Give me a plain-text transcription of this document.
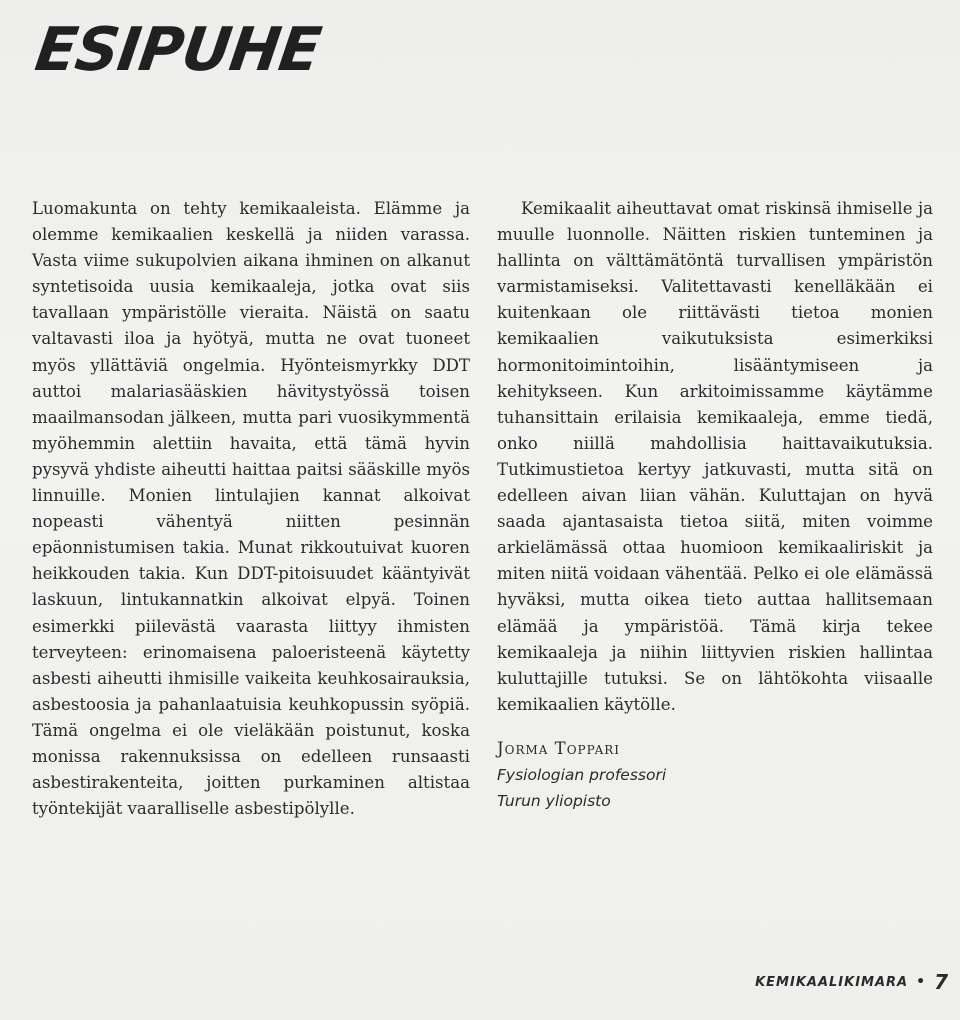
ESIPUHE

Luomakunta on tehty kemikaaleista. Elämme ja olemme kemikaalien keskellä ja niiden varassa. Vasta viime sukupolvien aikana ihminen on alkanut syntetisoida uusia kemikaaleja, jotka ovat siis tavallaan ympäristölle vieraita. Näistä on saatu valtavasti iloa ja hyötyä, mutta ne ovat tuoneet myös yllättäviä ongelmia. Hyönteismyrkky DDT auttoi malariasääskien hävitystyössä toisen maailmansodan jälkeen, mutta pari vuosikymmentä myöhemmin alettiin havaita, että tämä hyvin pysyvä yhdiste aiheutti haittaa paitsi sääskille myös linnuille. Monien lintulajien kannat alkoivat nopeasti vähentyä niitten pesinnän epäonnistumisen takia. Munat rikkoutuivat kuoren heikkouden takia. Kun DDT-pitoisuudet kääntyivät laskuun, lintukannatkin alkoivat elpyä. Toinen esimerkki piilevästä vaarasta liittyy ihmisten terveyteen: erinomaisena paloeristeenä käytetty asbesti aiheutti ihmisille vaikeita keuhkosairauksia, asbestoosia ja pahanlaatuisia keuhkopussin syöpiä. Tämä ongelma ei ole vieläkään poistunut, koska monissa rakennuksissa on edelleen runsaasti asbestirakenteita, joitten purkaminen altistaa työntekijät vaaralliselle asbestipölylle.

Kemikaalit aiheuttavat omat riskinsä ihmiselle ja muulle luonnolle. Näitten riskien tunteminen ja hallinta on välttämätöntä turvallisen ympäristön varmistamiseksi. Valitettavasti kenelläkään ei kuitenkaan ole riittävästi tietoa monien kemikaalien vaikutuksista esimerkiksi hormonitoimintoihin, lisääntymiseen ja kehitykseen. Kun arkitoimissamme käytämme tuhansittain erilaisia kemikaaleja, emme tiedä, onko niillä mahdollisia haittavaikutuksia. Tutkimustietoa kertyy jatkuvasti, mutta sitä on edelleen aivan liian vähän. Kuluttajan on hyvä saada ajantasaista tietoa siitä, miten voimme arkielämässä ottaa huomioon kemikaaliriskit ja miten niitä voidaan vähentää. Pelko ei ole elämässä hyväksi, mutta oikea tieto auttaa hallitsemaan elämää ja ympäristöä. Tämä kirja tekee kemikaaleja ja niihin liittyvien riskien hallintaa kuluttajille tutuksi. Se on lähtökohta viisaalle kemikaalien käytölle.

Jorma Toppari
Fysiologian professori
Turun yliopisto
KEMIKAALIKIMARA • 7
